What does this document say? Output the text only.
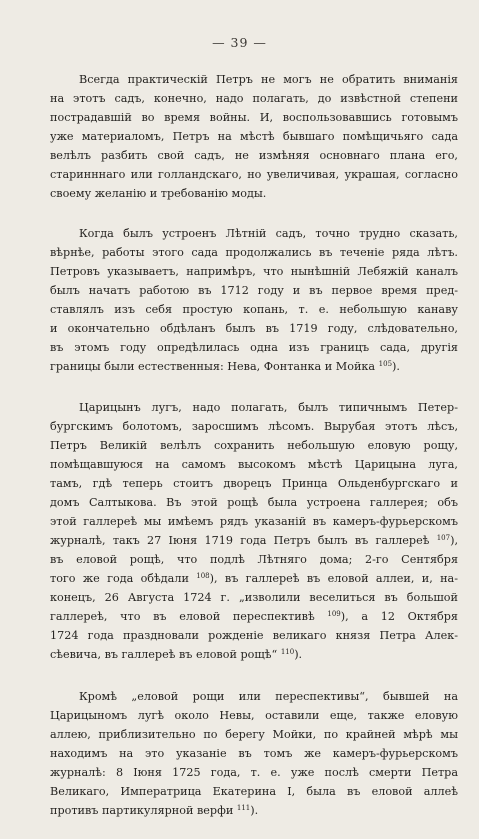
— 39 —

Всегда практическiй Петръ не могъ не обратить вниманiя
на этотъ садъ, конечно, надо полагать, до извѣстной степени
пострадавшiй во время войны. И, воспользовавшись готовымъ
уже материаломъ, Петръ на мѣстѣ бывшаго помѣщичьяго сада
велѣлъ разбить свой садъ, не измѣняя основнаго плана его,
старинннаго или голландскаго, но увеличивая, украшая, согласно
своему желанiю и требованiю моды.

Когда былъ устроенъ Лѣтнiй садъ, точно трудно сказать,
вѣрнѣе, работы этого сада продолжались въ теченiе ряда лѣтъ.
Петровъ указываетъ, напримѣръ, что нынѣшнiй Лебяжiй каналъ
былъ начатъ работою въ 1712 году и въ первое время пред-
ставлялъ изъ себя простую копань, т. е. небольшую канаву
и окончательно обдѣланъ былъ въ 1719 году, слѣдовательно,
въ этомъ году опредѣлилась одна изъ границъ сада, другiя
границы были естественныя: Нева, Фонтанка и Мойка $^{105}$).

Царицынъ лугъ, надо полагать, былъ типичнымъ Петер-
бургскимъ болотомъ, заросшимъ лѣсомъ. Вырубая этотъ лѣсъ,
Петръ Великiй велѣлъ сохранить небольшую еловую рощу,
помѣщавшуюся на самомъ высокомъ мѣстѣ Царицына луга,
тамъ, гдѣ теперь стоитъ дворецъ Принца Ольденбургскаго и
домъ Салтыкова. Въ этой рощѣ была устроена галлерея; объ
этой галлереѣ мы имѣемъ рядъ указанiй въ камеръ-фурьерскомъ
журналѣ, такъ 27 Iюня 1719 года Петръ былъ въ галлереѣ $^{107}$),
въ еловой рощѣ, что подлѣ Лѣтняго дома; 2-го Сентября
того же года обѣдали $^{108}$), въ галлереѣ въ еловой аллеи, и, на-
конецъ, 26 Августа 1724 г. „изволили веселиться въ большой
галлереѣ, что въ еловой переспективѣ $^{109}$), а 12 Октября
1724 года праздновали рожденiе великаго князя Петра Алек-
сѣевича, въ галлереѣ въ еловой рощѣ“ $^{110}$).

Кромѣ „еловой рощи или переспективы“, бывшей на
Царицыномъ лугѣ около Невы, оставили еще, также еловую
аллею, приблизительно по берегу Мойки, по крайней мѣрѣ мы
находимъ на это указанiе въ томъ же камеръ-фурьерскомъ
журналѣ: 8 Iюня 1725 года, т. е. уже послѣ смерти Петра
Великаго, Императрица Екатерина I, была въ еловой аллеѣ
противъ партикулярной верфи $^{111}$).
